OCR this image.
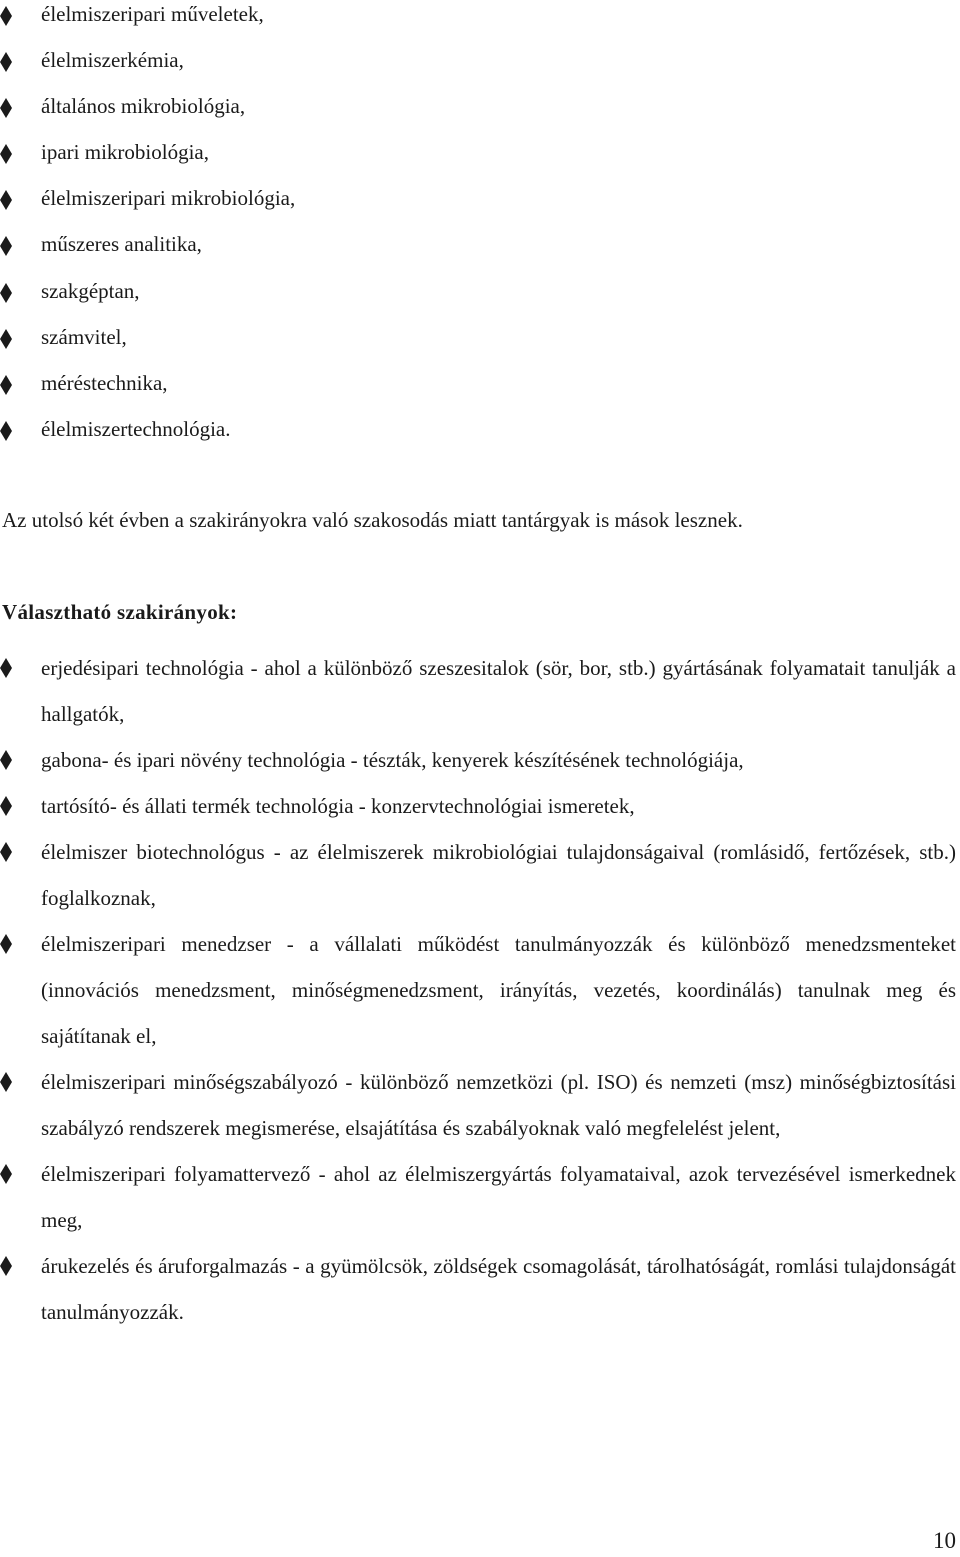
élelmiszeripari műveletek,
élelmiszerkémia,
általános mikrobiológia,
ipari mikrobiológia,
élelmiszeripari mikrobiológia,
műszeres analitika,
szakgéptan,
számvitel,
méréstechnika,
élelmiszertechnológia.

Az utolsó két évben a szakirányokra való szakosodás miatt tantárgyak is mások lesznek.

Választható szakirányok:

erjedésipari technológia - ahol a különböző szeszesitalok (sör, bor, stb.) gyártásának folyamatait tanulják a hallgatók,
gabona- és ipari növény technológia - tészták, kenyerek készítésének technológiája,
tartósító- és állati termék technológia - konzervtechnológiai ismeretek,
élelmiszer biotechnológus - az élelmiszerek mikrobiológiai tulajdonságaival (romlásidő, fertőzések, stb.) foglalkoznak,
élelmiszeripari menedzser - a vállalati működést tanulmányozzák és különböző menedzsmenteket (innovációs menedzsment, minőségmenedzsment, irányítás, vezetés, koordinálás) tanulnak meg és sajátítanak el,
élelmiszeripari minőségszabályozó - különböző nemzetközi (pl. ISO) és nemzeti (msz) minőségbiztosítási szabályzó rendszerek megismerése, elsajátítása és szabályoknak való megfelelést jelent,
élelmiszeripari folyamattervező - ahol az élelmiszergyártás folyamataival, azok tervezésével ismerkednek meg,
árukezelés és áruforgalmazás - a gyümölcsök, zöldségek csomagolását, tárolhatóságát, romlási tulajdonságát tanulmányozzák.
10
